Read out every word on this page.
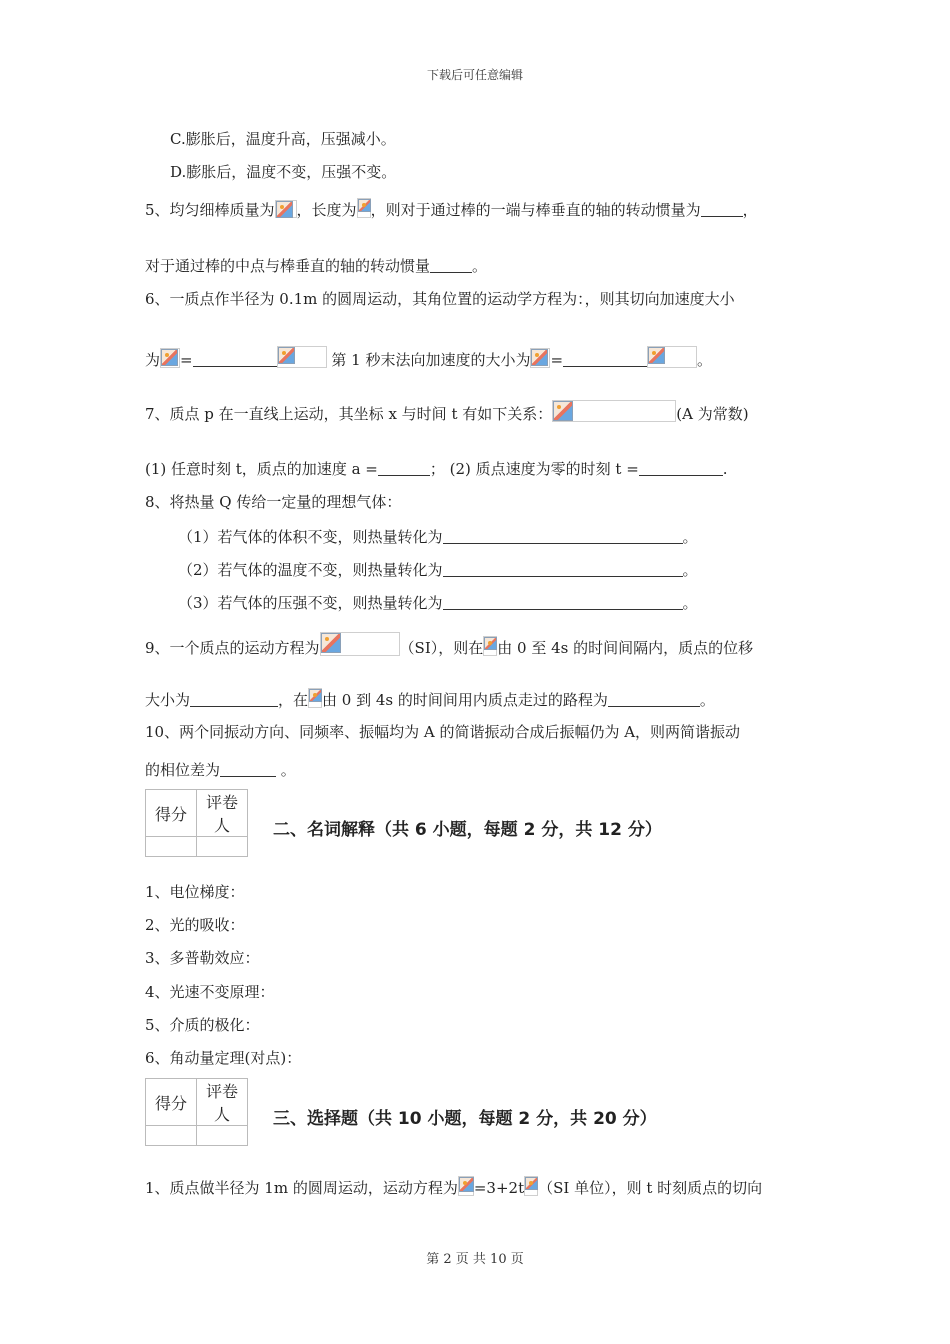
下载后可任意编辑
C.膨胀后，温度升高，压强减小。
D.膨胀后，温度不变，压强不变。
5、均匀细棒质量为 ，长度为 ，则对于通过棒的一端与棒垂直的轴的转动惯量为	，
对于通过棒的中点与棒垂直的轴的转动惯量	。
6、一质点作半径为 0.1m 的圆周运动，其角位置的运动学方程为：，则其切向加速度大小
为 =	第 1 秒末法向加速度的大小为 =	。
7、质点 p 在一直线上运动，其坐标 x 与时间 t 有如下关系：	(A 为常数)
(1) 任意时刻 t，质点的加速度 a =	； (2) 质点速度为零的时刻 t =	.
8、将热量 Q 传给一定量的理想气体：
（1）若气体的体积不变，则热量转化为	。
（2）若气体的温度不变，则热量转化为	。
（3）若气体的压强不变，则热量转化为	。
9、一个质点的运动方程为	（SI），则在 由 0 至 4s 的时间间隔内，质点的位移
大小为	，在 由 0 到 4s 的时间间用内质点走过的路程为	。
10、两个同振动方向、同频率、振幅均为 A 的简谐振动合成后振幅仍为 A，则两简谐振动
的相位差为	。
得分	评卷人
		二、名词解释（共 6 小题，每题 2 分，共 12 分）
1、电位梯度：
2、光的吸收：
3、多普勒效应：
4、光速不变原理：
5、介质的极化：
6、角动量定理(对点)：
得分	评卷人
		三、选择题（共 10 小题，每题 2 分，共 20 分）
1、质点做半径为 1m 的圆周运动，运动方程为 =3+2t （SI 单位），则 t 时刻质点的切向
第 2 页 共 10 页
